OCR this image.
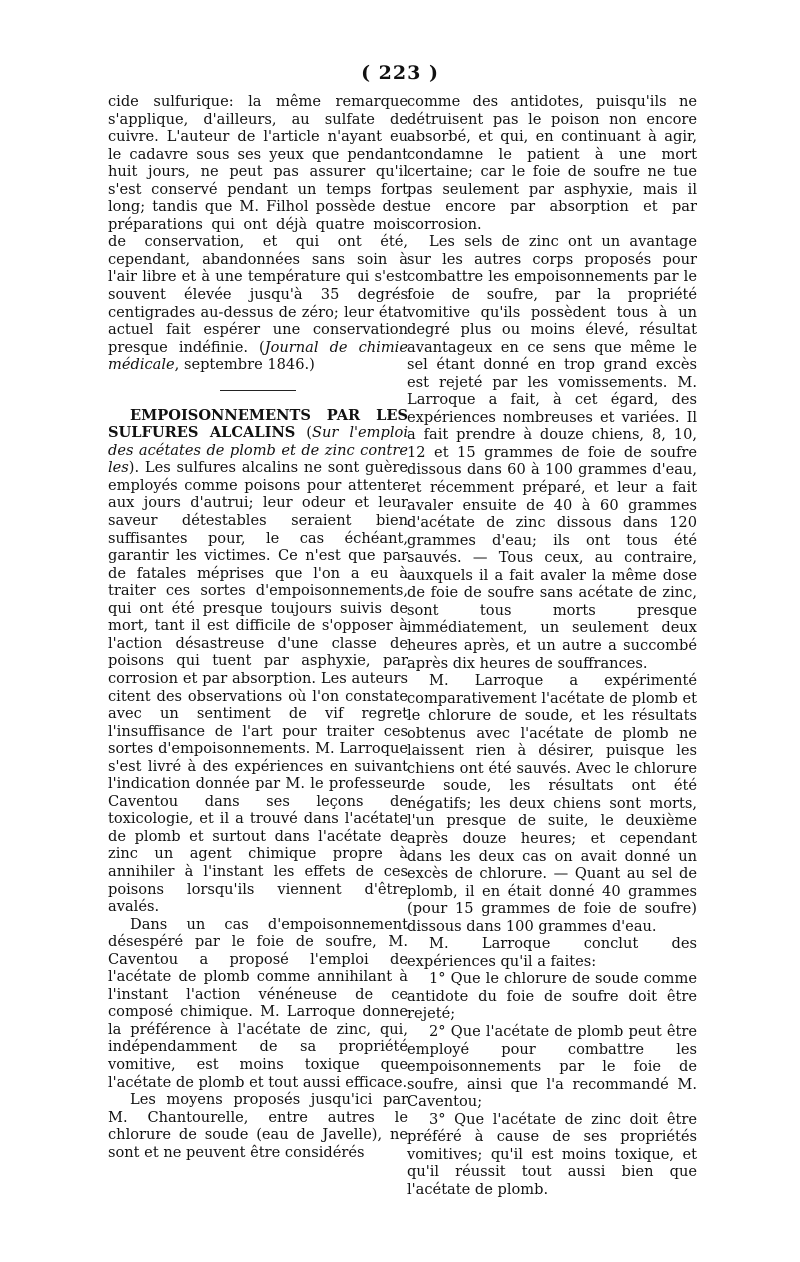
( 223 )

cide sulfurique: la même remarque s'applique, d'ailleurs, au sulfate de cuivre. L'auteur de l'article n'ayant eu le cadavre sous ses yeux que pendant huit jours, ne peut pas assurer qu'il s'est conservé pendant un temps fort long; tandis que M. Filhol possède des préparations qui ont déjà quatre mois de conservation, et qui ont été, cependant, abandonnées sans soin à l'air libre et à une température qui s'est souvent élevée jusqu'à 35 degrés centigrades au-dessus de zéro; leur état actuel fait espérer une conservation presque indéfinie. (Journal de chimie médicale, septembre 1846.)

EMPOISONNEMENTS PAR LES SULFURES ALCALINS (Sur l'emploi des acétates de plomb et de zinc contre les). Les sulfures alcalins ne sont guère employés comme poisons pour attenter aux jours d'autrui; leur odeur et leur saveur détestables seraient bien suffisantes pour, le cas échéant, garantir les victimes. Ce n'est que par de fatales méprises que l'on a eu à traiter ces sortes d'empoisonnements, qui ont été presque toujours suivis de mort, tant il est difficile de s'opposer à l'action désastreuse d'une classe de poisons qui tuent par asphyxie, par corrosion et par absorption. Les auteurs citent des observations où l'on constate avec un sentiment de vif regret l'insuffisance de l'art pour traiter ces sortes d'empoisonnements. M. Larroque s'est livré à des expériences en suivant l'indication donnée par M. le professeur Caventou dans ses leçons de toxicologie, et il a trouvé dans l'acétate de plomb et surtout dans l'acétate de zinc un agent chimique propre à annihiler à l'instant les effets de ces poisons lorsqu'ils viennent d'être avalés.

Dans un cas d'empoisonnement désespéré par le foie de soufre, M. Caventou a proposé l'emploi de l'acétate de plomb comme annihilant à l'instant l'action vénéneuse de ce composé chimique. M. Larroque donne la préférence à l'acétate de zinc, qui, indépendamment de sa propriété vomitive, est moins toxique que l'acétate de plomb et tout aussi efficace.

Les moyens proposés jusqu'ici par M. Chantourelle, entre autres le chlorure de soude (eau de Javelle), ne sont et ne peuvent être considérés

comme des antidotes, puisqu'ils ne détruisent pas le poison non encore absorbé, et qui, en continuant à agir, condamne le patient à une mort certaine; car le foie de soufre ne tue pas seulement par asphyxie, mais il tue encore par absorption et par corrosion.

Les sels de zinc ont un avantage sur les autres corps proposés pour combattre les empoisonnements par le foie de soufre, par la propriété vomitive qu'ils possèdent tous à un degré plus ou moins élevé, résultat avantageux en ce sens que même le sel étant donné en trop grand excès est rejeté par les vomissements. M. Larroque a fait, à cet égard, des expériences nombreuses et variées. Il a fait prendre à douze chiens, 8, 10, 12 et 15 grammes de foie de soufre dissous dans 60 à 100 grammes d'eau, et récemment préparé, et leur a fait avaler ensuite de 40 à 60 grammes d'acétate de zinc dissous dans 120 grammes d'eau; ils ont tous été sauvés. — Tous ceux, au contraire, auxquels il a fait avaler la même dose de foie de soufre sans acétate de zinc, sont tous morts presque immédiatement, un seulement deux heures après, et un autre a succombé après dix heures de souffrances.

M. Larroque a expérimenté comparativement l'acétate de plomb et le chlorure de soude, et les résultats obtenus avec l'acétate de plomb ne laissent rien à désirer, puisque les chiens ont été sauvés. Avec le chlorure de soude, les résultats ont été négatifs; les deux chiens sont morts, l'un presque de suite, le deuxième après douze heures; et cependant dans les deux cas on avait donné un excès de chlorure. — Quant au sel de plomb, il en était donné 40 grammes (pour 15 grammes de foie de soufre) dissous dans 100 grammes d'eau.

M. Larroque conclut des expériences qu'il a faites:

1° Que le chlorure de soude comme antidote du foie de soufre doit être rejeté;

2° Que l'acétate de plomb peut être employé pour combattre les empoisonnements par le foie de soufre, ainsi que l'a recommandé M. Caventou;

3° Que l'acétate de zinc doit être préféré à cause de ses propriétés vomitives; qu'il est moins toxique, et qu'il réussit tout aussi bien que l'acétate de plomb.
